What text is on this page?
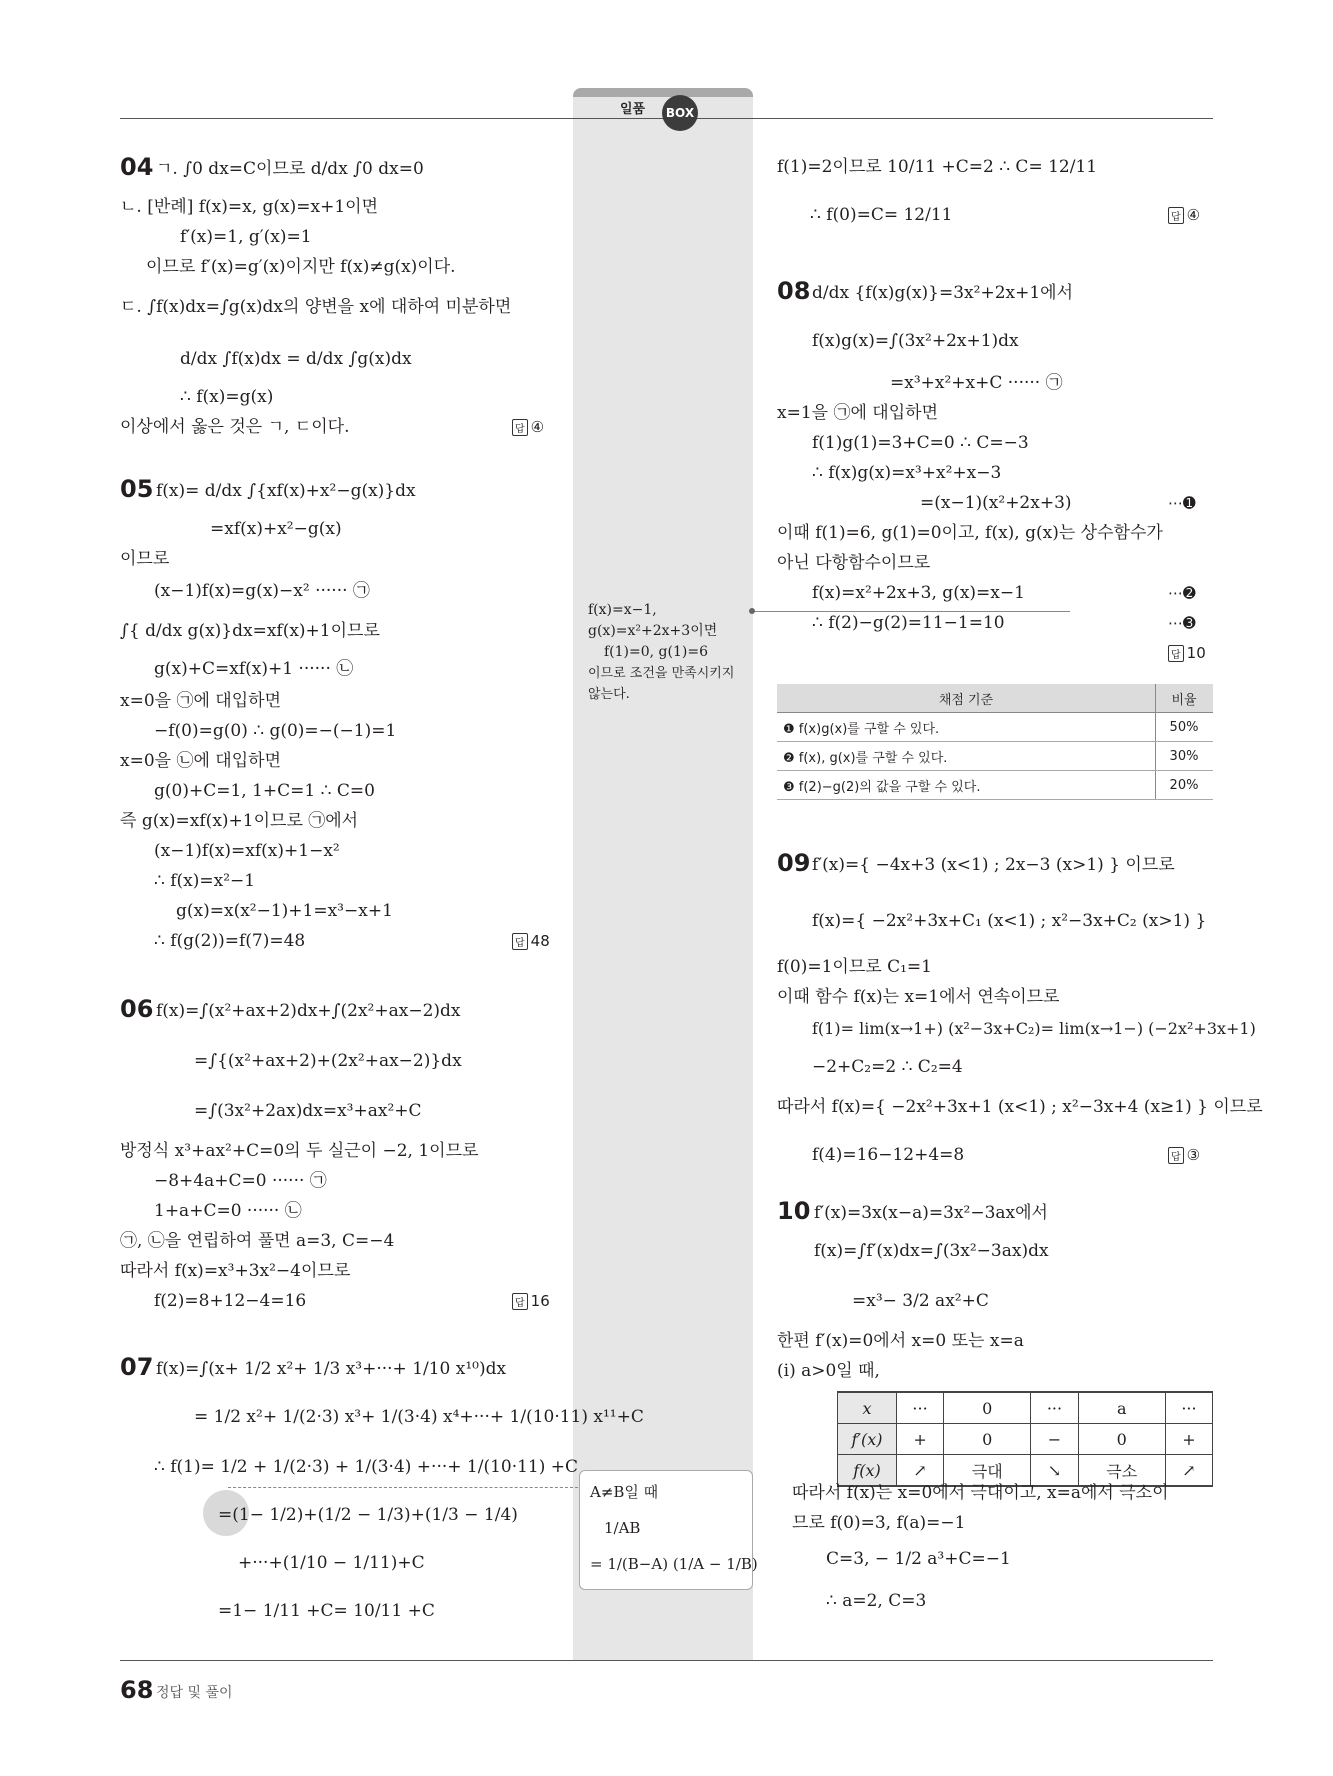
일품	BOX
04 ㄱ. ∫0 dx=C이므로 d/dx ∫0 dx=0
ㄴ. [반례] f(x)=x, g(x)=x+1이면
f′(x)=1, g′(x)=1
이므로 f′(x)=g′(x)이지만 f(x)≠g(x)이다.
ㄷ. ∫f(x)dx=∫g(x)dx의 양변을 x에 대하여 미분하면
d/dx ∫f(x)dx = d/dx ∫g(x)dx
∴ f(x)=g(x)
이상에서 옳은 것은 ㄱ, ㄷ이다.	답 ④
05 f(x)= d/dx ∫{xf(x)+x²−g(x)}dx
=xf(x)+x²−g(x)
이므로
(x−1)f(x)=g(x)−x² ······ ㉠
∫{ d/dx g(x)}dx=xf(x)+1이므로
g(x)+C=xf(x)+1 ······ ㉡
x=0을 ㉠에 대입하면
−f(0)=g(0) ∴ g(0)=−(−1)=1
x=0을 ㉡에 대입하면
g(0)+C=1, 1+C=1 ∴ C=0
즉 g(x)=xf(x)+1이므로 ㉠에서
(x−1)f(x)=xf(x)+1−x²
∴ f(x)=x²−1
g(x)=x(x²−1)+1=x³−x+1
∴ f(g(2))=f(7)=48	답 48
06 f(x)=∫(x²+ax+2)dx+∫(2x²+ax−2)dx
=∫{(x²+ax+2)+(2x²+ax−2)}dx
=∫(3x²+2ax)dx=x³+ax²+C
방정식 x³+ax²+C=0의 두 실근이 −2, 1이므로
−8+4a+C=0 ······ ㉠
1+a+C=0 ······ ㉡
㉠, ㉡을 연립하여 풀면 a=3, C=−4
따라서 f(x)=x³+3x²−4이므로
f(2)=8+12−4=16	답 16
07 f(x)=∫(x+ 1/2 x²+ 1/3 x³+···+ 1/10 x¹⁰)dx
= 1/2 x²+ 1/(2·3) x³+ 1/(3·4) x⁴+···+ 1/(10·11) x¹¹+C
∴ f(1)= 1/2 + 1/(2·3) + 1/(3·4) +···+ 1/(10·11) +C
=(1− 1/2)+(1/2 − 1/3)+(1/3 − 1/4)
+···+(1/10 − 1/11)+C
=1− 1/11 +C= 10/11 +C
f(x)=x−1,
g(x)=x²+2x+3이면
f(1)=0, g(1)=6
이므로 조건을 만족시키지
않는다.
A≠B일 때
1/AB
= 1/(B−A) (1/A − 1/B)
f(1)=2이므로 10/11 +C=2 ∴ C= 12/11
∴ f(0)=C= 12/11	답 ④
08 d/dx {f(x)g(x)}=3x²+2x+1에서
f(x)g(x)=∫(3x²+2x+1)dx
=x³+x²+x+C ······ ㉠
x=1을 ㉠에 대입하면
f(1)g(1)=3+C=0 ∴ C=−3
∴ f(x)g(x)=x³+x²+x−3
=(x−1)(x²+2x+3)	⋯➊
이때 f(1)=6, g(1)=0이고, f(x), g(x)는 상수함수가
아닌 다항함수이므로
f(x)=x²+2x+3, g(x)=x−1	⋯➋
∴ f(2)−g(2)=11−1=10	⋯➌
답 10
채점 기준	비율
❶ f(x)g(x)를 구할 수 있다.	50%
❷ f(x), g(x)를 구할 수 있다.	30%
❸ f(2)−g(2)의 값을 구할 수 있다.	20%
09 f′(x)={ −4x+3 (x<1) ; 2x−3 (x>1) } 이므로
f(x)={ −2x²+3x+C₁ (x<1) ; x²−3x+C₂ (x>1) }
f(0)=1이므로 C₁=1
이때 함수 f(x)는 x=1에서 연속이므로
f(1)= lim(x→1+) (x²−3x+C₂)= lim(x→1−) (−2x²+3x+1)
−2+C₂=2 ∴ C₂=4
따라서 f(x)={ −2x²+3x+1 (x<1) ; x²−3x+4 (x≥1) } 이므로
f(4)=16−12+4=8	답 ③
10 f′(x)=3x(x−a)=3x²−3ax에서
f(x)=∫f′(x)dx=∫(3x²−3ax)dx
=x³− 3/2 ax²+C
한편 f′(x)=0에서 x=0 또는 x=a
(ⅰ) a>0일 때,
x	···	0	···	a	···
f′(x)	+	0	−	0	+
f(x)	↗	극대	↘	극소	↗
따라서 f(x)는 x=0에서 극대이고, x=a에서 극소이
므로 f(0)=3, f(a)=−1
C=3, − 1/2 a³+C=−1
∴ a=2, C=3
68 정답 및 풀이
